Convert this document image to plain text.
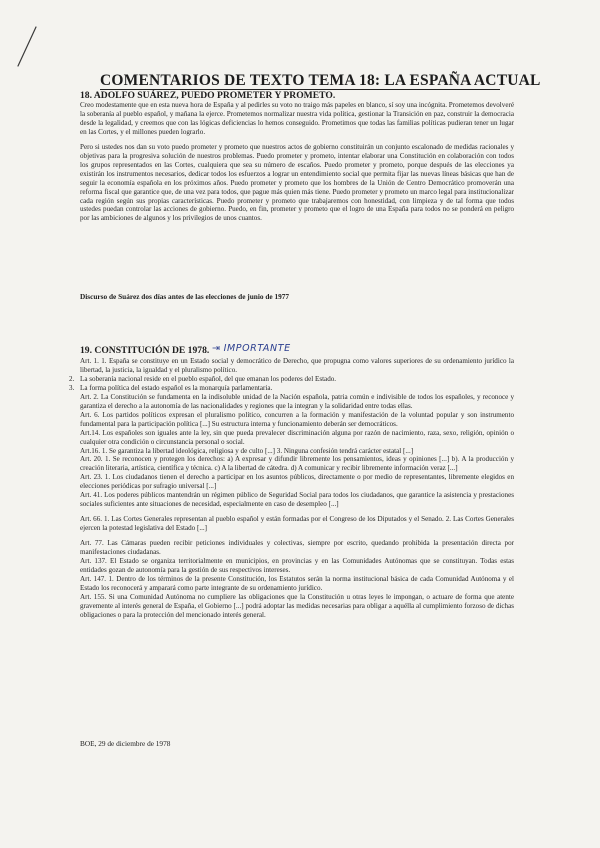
COMENTARIOS DE TEXTO TEMA 18: LA ESPAÑA ACTUAL
18. ADOLFO SUÁREZ, PUEDO PROMETER Y PROMETO.

Creo modestamente que en esta nueva hora de España y al pedirles su voto no traigo más papeles en blanco, sí soy una incógnita. Prometemos devolveré la soberanía al pueblo español, y mañana la ejerce. Prometemos normalizar nuestra vida política, gestionar la Transición en paz, construir la democracia desde la legalidad, y creemos que con las lógicas deficiencias lo hemos conseguido. Prometimos que todas las familias políticas pudieran tener un lugar en las Cortes, y el millones pueden lograrlo.

Pero si ustedes nos dan su voto puedo prometer y prometo que nuestros actos de gobierno constituirán un conjunto escalonado de medidas racionales y objetivas para la progresiva solución de nuestros problemas. Puedo prometer y prometo, intentar elaborar una Constitución en colaboración con todos los grupos representados en las Cortes, cualquiera que sea su número de escaños. Puedo prometer y prometo, porque después de las elecciones ya existirán los instrumentos necesarios, dedicar todos los esfuerzos a lograr un entendimiento social que permita fijar las nuevas líneas básicas que han de seguir la economía española en los próximos años. Puedo prometer y prometo que los hombres de la Unión de Centro Democrático promoverán una reforma fiscal que garantice que, de una vez para todos, que pague más quien más tiene. Puedo prometer y prometo un marco legal para institucionalizar cada región según sus propias características. Puedo prometer y prometo que trabajaremos con honestidad, con limpieza y de tal forma que todos ustedes puedan controlar las acciones de gobierno. Puedo, en fin, prometer y prometo que el logro de una España para todos no se ponderá en peligro por las ambiciones de algunos y los privilegios de unos cuantos.

Discurso de Suárez dos días antes de las elecciones de junio de 1977
19. CONSTITUCIÓN DE 1978. ⇥ IMPORTANTE

Art. 1. 1. España se constituye en un Estado social y democrático de Derecho, que propugna como valores superiores de su ordenamiento jurídico la libertad, la justicia, la igualdad y el pluralismo político.

2. La soberanía nacional reside en el pueblo español, del que emanan los poderes del Estado.

3. La forma política del estado español es la monarquía parlamentaria.

Art. 2. La Constitución se fundamenta en la indisoluble unidad de la Nación española, patria común e indivisible de todos los españoles, y reconoce y garantiza el derecho a la autonomía de las nacionalidades y regiones que la integran y la solidaridad entre todas ellas.

Art. 6. Los partidos políticos expresan el pluralismo político, concurren a la formación y manifestación de la voluntad popular y son instrumento fundamental para la participación política [...] Su estructura interna y funcionamiento deberán ser democráticos.

Art.14. Los españoles son iguales ante la ley, sin que pueda prevalecer discriminación alguna por razón de nacimiento, raza, sexo, religión, opinión o cualquier otra condición o circunstancia personal o social.

Art.16. 1. Se garantiza la libertad ideológica, religiosa y de culto [...] 3. Ninguna confesión tendrá carácter estatal [...]

Art. 20. 1. Se reconocen y protegen los derechos: a) A expresar y difundir libremente los pensamientos, ideas y opiniones [...] b). A la producción y creación literaria, artística, científica y técnica. c) A la libertad de cátedra. d) A comunicar y recibir libremente información veraz [...]

Art. 23. 1. Los ciudadanos tienen el derecho a participar en los asuntos públicos, directamente o por medio de representantes, libremente elegidos en elecciones periódicas por sufragio universal [...]

Art. 41. Los poderes públicos mantendrán un régimen público de Seguridad Social para todos los ciudadanos, que garantice la asistencia y prestaciones sociales suficientes ante situaciones de necesidad, especialmente en caso de desempleo [...]

Art. 66. 1. Las Cortes Generales representan al pueblo español y están formadas por el Congreso de los Diputados y el Senado. 2. Las Cortes Generales ejercen la potestad legislativa del Estado [...]

Art. 77. Las Cámaras pueden recibir peticiones individuales y colectivas, siempre por escrito, quedando prohibida la presentación directa por manifestaciones ciudadanas.

Art. 137. El Estado se organiza territorialmente en municipios, en provincias y en las Comunidades Autónomas que se constituyan. Todas estas entidades gozan de autonomía para la gestión de sus respectivos intereses.

Art. 147. 1. Dentro de los términos de la presente Constitución, los Estatutos serán la norma institucional básica de cada Comunidad Autónoma y el Estado los reconocerá y amparará como parte integrante de su ordenamiento jurídico.

Art. 155. Si una Comunidad Autónoma no cumpliere las obligaciones que la Constitución u otras leyes le impongan, o actuare de forma que atente gravemente al interés general de España, el Gobierno [...] podrá adoptar las medidas necesarias para obligar a aquélla al cumplimiento forzoso de dichas obligaciones o para la protección del mencionado interés general.

BOE, 29 de diciembre de 1978
